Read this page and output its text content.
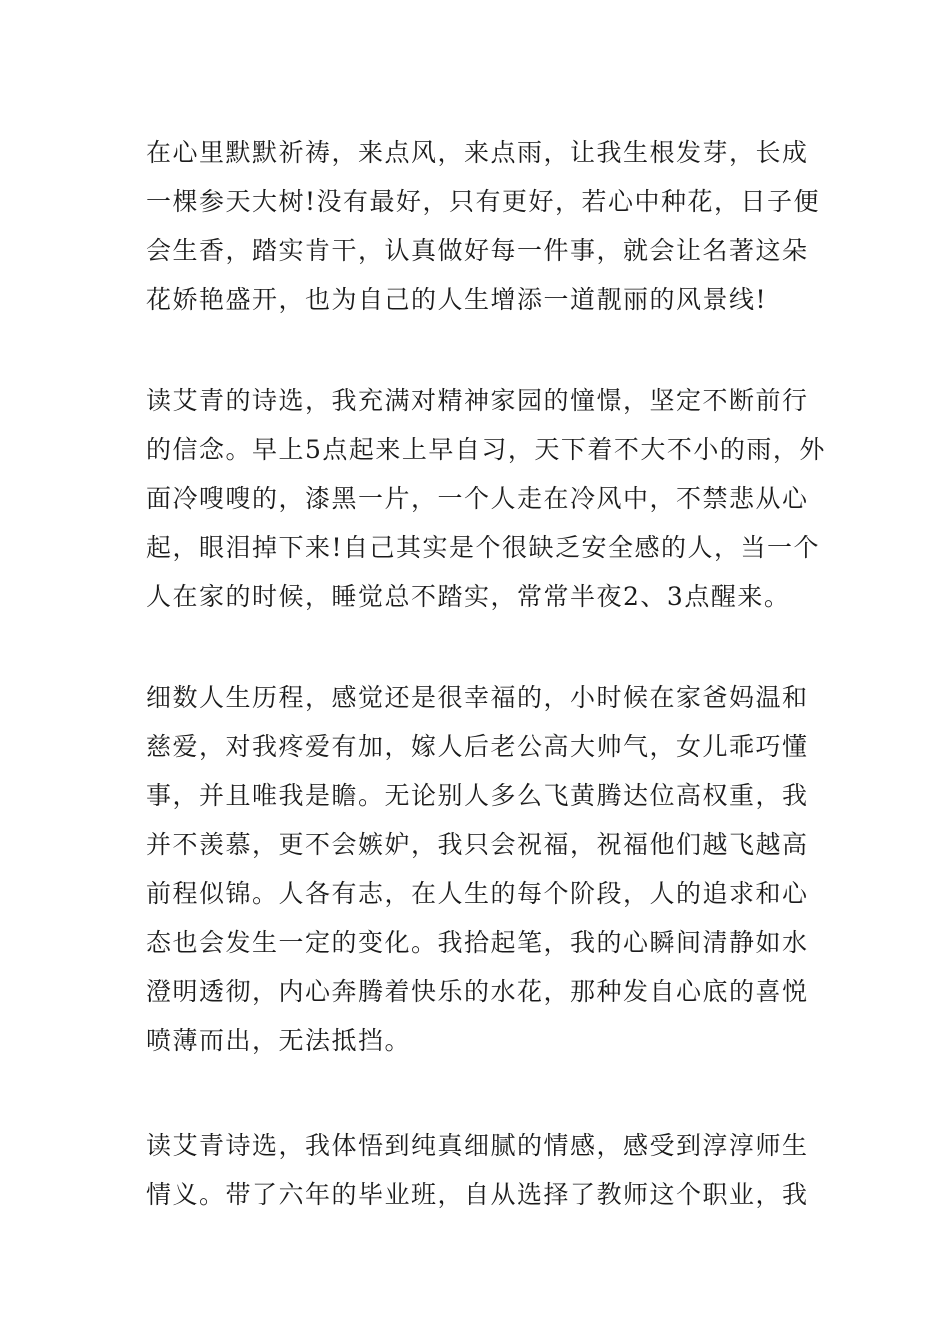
在心里默默祈祷，来点风，来点雨，让我生根发芽，长成
一棵参天大树!没有最好，只有更好，若心中种花，日子便
会生香，踏实肯干，认真做好每一件事，就会让名著这朵
花娇艳盛开，也为自己的人生增添一道靓丽的风景线!
读艾青的诗选，我充满对精神家园的憧憬，坚定不断前行
的信念。早上5点起来上早自习，天下着不大不小的雨，外
面冷嗖嗖的，漆黑一片，一个人走在冷风中，不禁悲从心
起，眼泪掉下来!自己其实是个很缺乏安全感的人，当一个
人在家的时候，睡觉总不踏实，常常半夜2、3点醒来。
细数人生历程，感觉还是很幸福的，小时候在家爸妈温和
慈爱，对我疼爱有加，嫁人后老公高大帅气，女儿乖巧懂
事，并且唯我是瞻。无论别人多么飞黄腾达位高权重，我
并不羡慕，更不会嫉妒，我只会祝福，祝福他们越飞越高
前程似锦。人各有志，在人生的每个阶段，人的追求和心
态也会发生一定的变化。我拾起笔，我的心瞬间清静如水
澄明透彻，内心奔腾着快乐的水花，那种发自心底的喜悦
喷薄而出，无法抵挡。
读艾青诗选，我体悟到纯真细腻的情感，感受到淳淳师生
情义。带了六年的毕业班，自从选择了教师这个职业，我
